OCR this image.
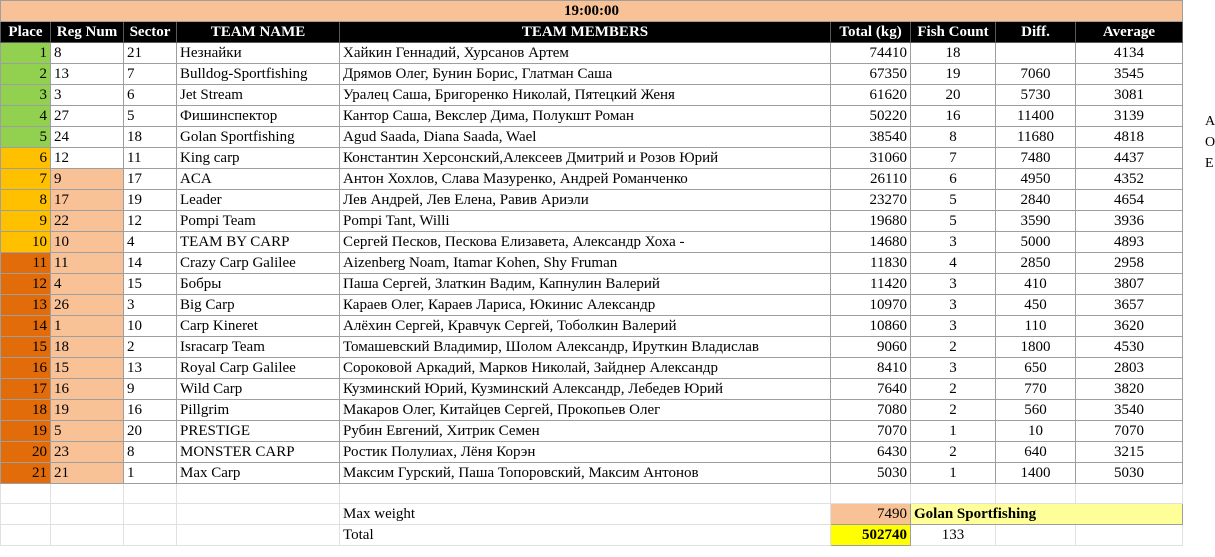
19:00:00								
Place	Reg Num	Sector	TEAM NAME	TEAM MEMBERS	Total (kg)	Fish Count	Diff.	Average
1	8	21	Незнайки	Хайкин Геннадий, Хурсанов Артем	74410	18		4134
2	13	7	Bulldog-Sportfishing	Дрямов Олег, Бунин Борис, Глатман Саша	67350	19	7060	3545
3	3	6	Jet Stream	Уралец Саша, Бригоренко Николай, Пятецкий Женя	61620	20	5730	3081
4	27	5	Фишинспектор	Кантор Саша, Векслер Дима, Полукшт Роман	50220	16	11400	3139
5	24	18	Golan Sportfishing	Agud Saada, Diana Saada, Wael	38540	8	11680	4818
6	12	11	King carp	Константин Херсонский,Алексеев Дмитрий и Розов Юрий	31060	7	7480	4437
7	9	17	ACA	Антон Хохлов, Слава Мазуренко, Андрей Романченко	26110	6	4950	4352
8	17	19	Leader	Лев Андрей, Лев Елена, Равив Ариэли	23270	5	2840	4654
9	22	12	Pompi Team	Pompi Tant, Willi	19680	5	3590	3936
10	10	4	TEAM BY CARP	Сергей Песков, Пескова Елизавета, Александр Хоха -	14680	3	5000	4893
11	11	14	Crazy Carp Galilee	Aizenberg Noam, Itamar Kohen, Shy Fruman	11830	4	2850	2958
12	4	15	Бобры	Паша Сергей, Златкин Вадим, Капнулин Валерий	11420	3	410	3807
13	26	3	Big Carp	Караев Олег, Караев Лариса, Юкинис Александр	10970	3	450	3657
14	1	10	Carp Kineret	Алёхин Сергей, Кравчук Сергей, Тоболкин Валерий	10860	3	110	3620
15	18	2	Isracarp Team	Томашевский Владимир, Шолом Александр, Ируткин Владислав	9060	2	1800	4530
16	15	13	Royal Carp Galilee	Сороковой Аркадий, Марков Николай, Зайднер Александр	8410	3	650	2803
17	16	9	Wild Carp	Кузминский Юрий, Кузминский Александр, Лебедев Юрий	7640	2	770	3820
18	19	16	Pillgrim	Макаров Олег, Китайцев Сергей, Прокопьев Олег	7080	2	560	3540
19	5	20	PRESTIGE	Рубин Евгений, Хитрик Семен	7070	1	10	7070
20	23	8	MONSTER CARP	Ростик Полулиах, Лёня Корэн	6430	2	640	3215
21	21	1	Max Carp	Максим Гурский, Паша Топоровский, Максим Антонов	5030	1	1400	5030

				Max weight	7490	Golan Sportfishing		
				Total	502740	133		
A
O
E
